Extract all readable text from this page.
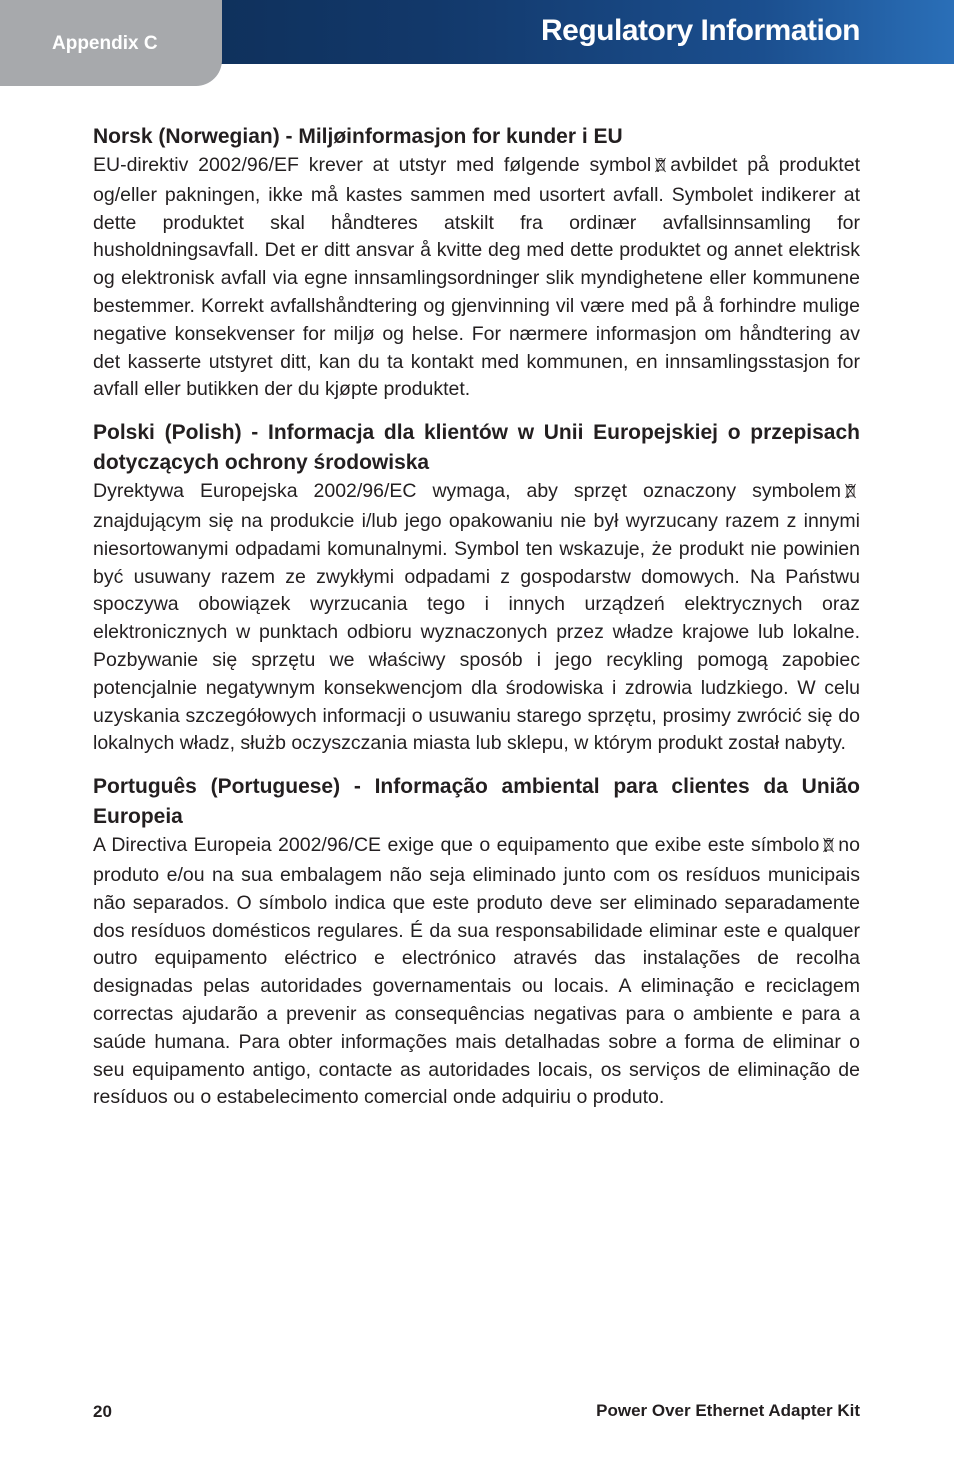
Regulatory Information
Appendix C
Norsk (Norwegian) - Miljøinformasjon for kunder i EU

EU-direktiv 2002/96/EF krever at utstyr med følgende symbol avbildet på produktet og/eller pakningen, ikke må kastes sammen med usortert avfall. Symbolet indikerer at dette produktet skal håndteres atskilt fra ordinær avfallsinnsamling for husholdningsavfall. Det er ditt ansvar å kvitte deg med dette produktet og annet elektrisk og elektronisk avfall via egne innsamlingsordninger slik myndighetene eller kommunene bestemmer. Korrekt avfallshåndtering og gjenvinning vil være med på å forhindre mulige negative konsekvenser for miljø og helse. For nærmere informasjon om håndtering av det kasserte utstyret ditt, kan du ta kontakt med kommunen, en innsamlingsstasjon for avfall eller butikken der du kjøpte produktet.

Polski (Polish) - Informacja dla klientów w Unii Europejskiej o przepisach dotyczących ochrony środowiska

Dyrektywa Europejska 2002/96/EC wymaga, aby sprzęt oznaczony symbolemznajdującym się na produkcie i/lub jego opakowaniu nie był wyrzucany razem z innymi niesortowanymi odpadami komunalnymi. Symbol ten wskazuje, że produkt nie powinien być usuwany razem ze zwykłymi odpadami z gospodarstw domowych. Na Państwu spoczywa obowiązek wyrzucania tego i innych urządzeń elektrycznych oraz elektronicznych w punktach odbioru wyznaczonych przez władze krajowe lub lokalne. Pozbywanie się sprzętu we właściwy sposób i jego recykling pomogą zapobiec potencjalnie negatywnym konsekwencjom dla środowiska i zdrowia ludzkiego. W celu uzyskania szczegółowych informacji o usuwaniu starego sprzętu, prosimy zwrócić się do lokalnych władz, służb oczyszczania miasta lub sklepu, w którym produkt został nabyty.

Português (Portuguese) - Informação ambiental para clientes da União Europeia

A Directiva Europeia 2002/96/CE exige que o equipamento que exibe este símbolo no produto e/ou na sua embalagem não seja eliminado junto com os resíduos municipais não separados. O símbolo indica que este produto deve ser eliminado separadamente dos resíduos domésticos regulares. É da sua responsabilidade eliminar este e qualquer outro equipamento eléctrico e electrónico através das instalações de recolha designadas pelas autoridades governamentais ou locais. A eliminação e reciclagem correctas ajudarão a prevenir as consequências negativas para o ambiente e para a saúde humana. Para obter informações mais detalhadas sobre a forma de eliminar o seu equipamento antigo, contacte as autoridades locais, os serviços de eliminação de resíduos ou o estabelecimento comercial onde adquiriu o produto.

20	Power Over Ethernet Adapter Kit
